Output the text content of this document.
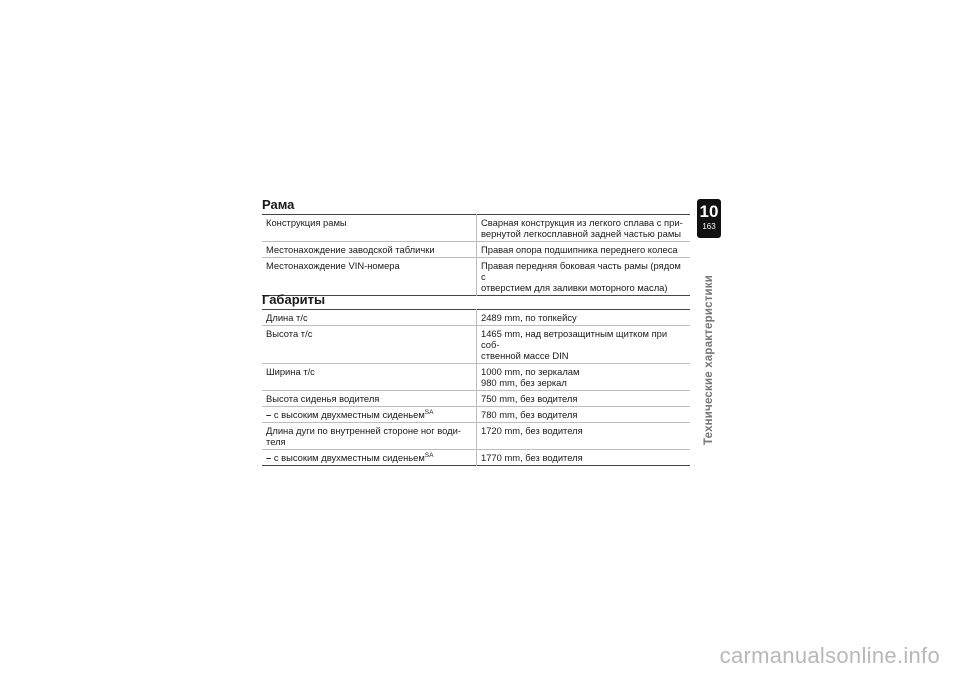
Рама
Конструкция рамы	Сварная конструкция из легкого сплава с при-
вернутой легкосплавной задней частью рамы

Местонахождение заводской таблички	Правая опора подшипника переднего колеса

Местонахождение VIN-номера	Правая передняя боковая часть рамы (рядом с
отверстием для заливки моторного масла)
Габариты
Длина т/с	2489 mm, по топкейсу

Высота т/с	1465 mm, над ветрозащитным щитком при соб-
ственной массе DIN

Ширина т/с	1000 mm, по зеркалам
980 mm, без зеркал

Высота сиденья водителя	750 mm, без водителя

– с высоким двухместным сиденьем$^{SA}$	780 mm, без водителя

Длина дуги по внутренней стороне ног води-
теля	1720 mm, без водителя

– с высоким двухместным сиденьем$^{SA}$	1770 mm, без водителя
10
163
Технические характеристики
carmanualsonline.info
